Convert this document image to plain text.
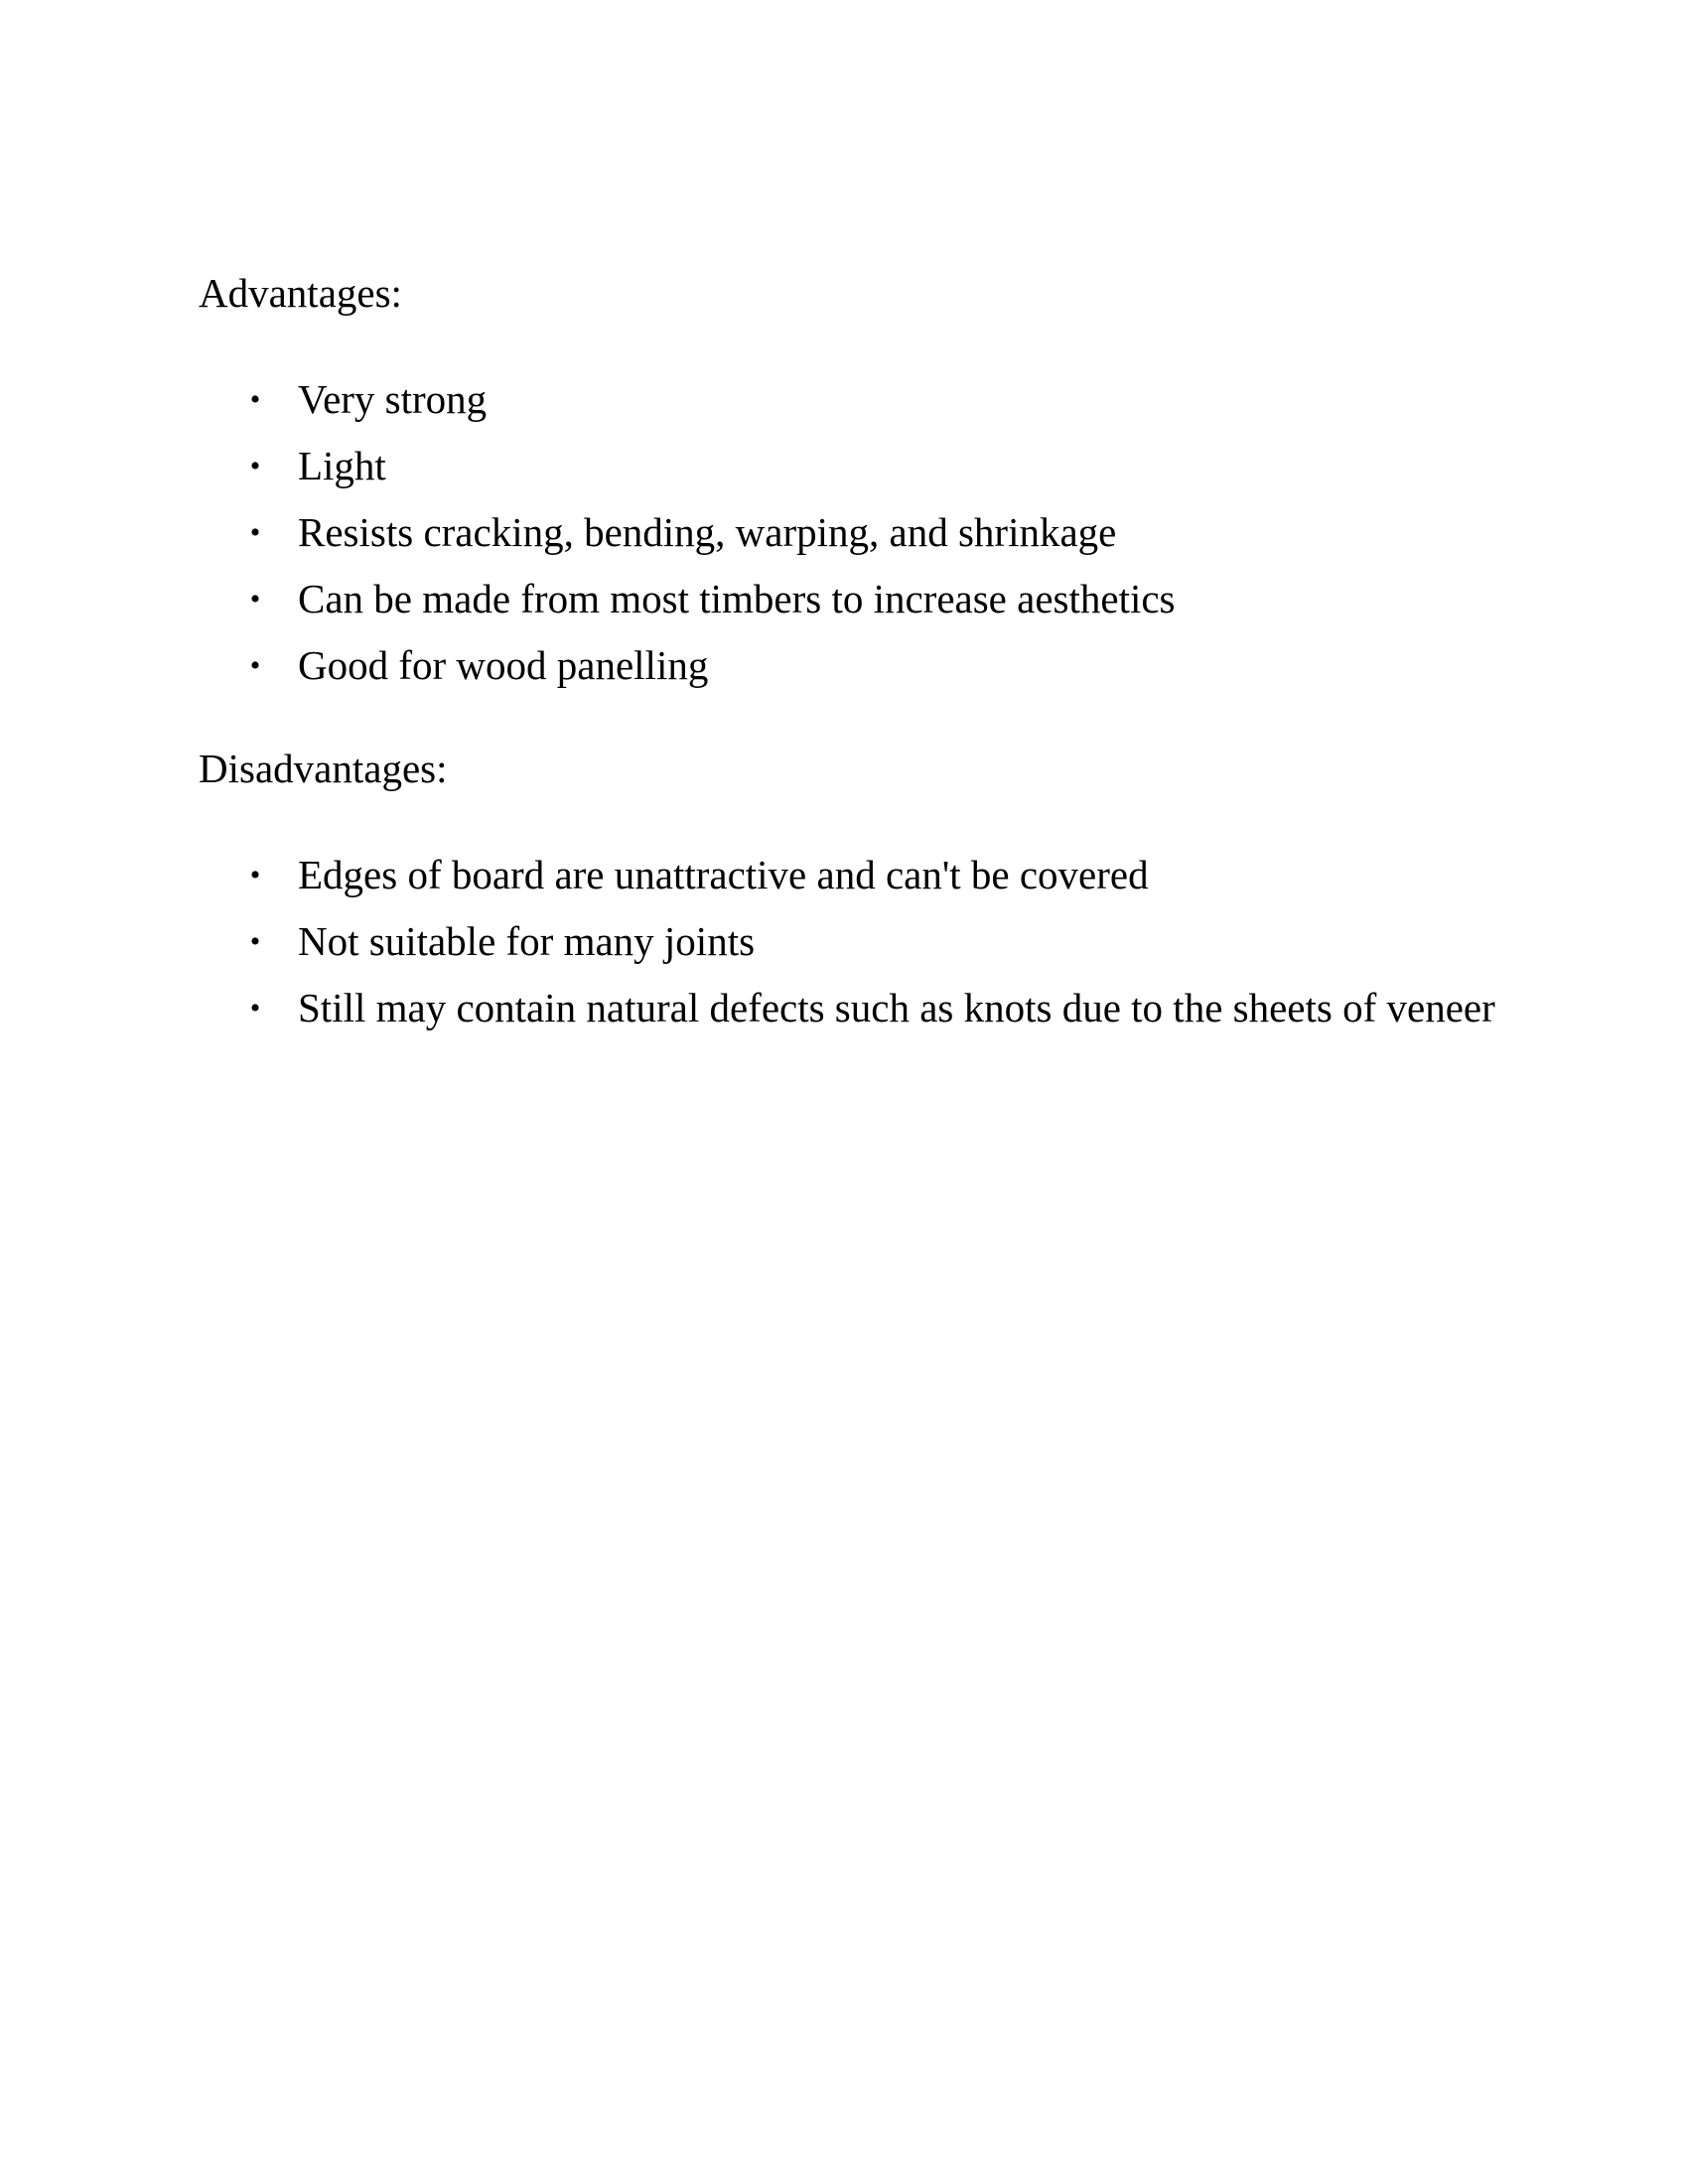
Advantages:

• Very strong
• Light
• Resists cracking, bending, warping, and shrinkage
• Can be made from most timbers to increase aesthetics
• Good for wood panelling

Disadvantages:

• Edges of board are unattractive and can't be covered
• Not suitable for many joints
• Still may contain natural defects such as knots due to the sheets of veneer
